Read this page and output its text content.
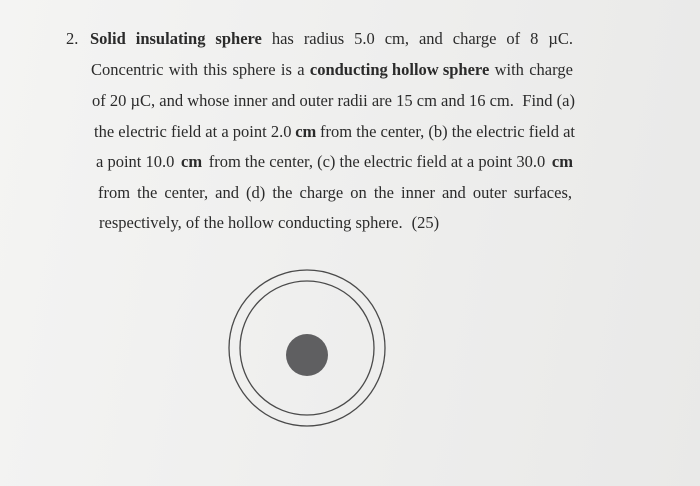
2. Solid insulating sphere has radius 5.0 cm, and charge of 8 µC.
Concentric with this sphere is a conducting hollow sphere with charge
of 20 µC, and whose inner and outer radii are 15 cm and 16 cm. Find (a)
the electric field at a point 2.0 cm from the center, (b) the electric field at
a point 10.0 cm from the center, (c) the electric field at a point 30.0 cm
from the center, and (d) the charge on the inner and outer surfaces,
respectively, of the hollow conducting sphere. (25)
